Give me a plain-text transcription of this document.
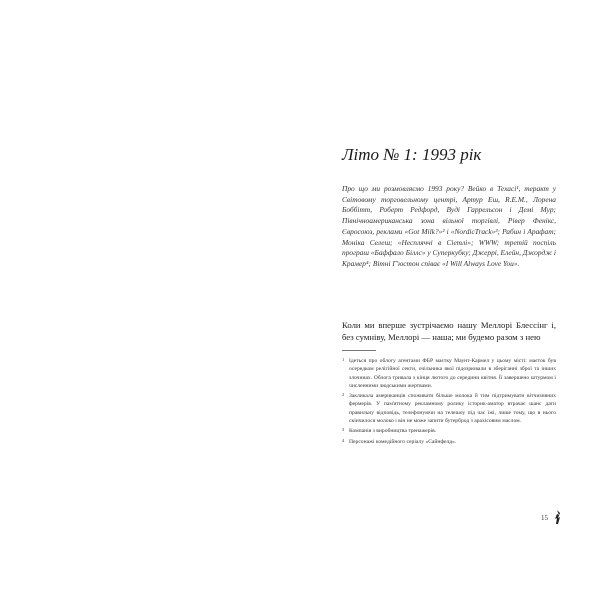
Літо № 1: 1993 рік
Про що ми розмовляємо 1993 року? Вейко в Техасі¹, теракт у Світовому торговельному центрі, Артур Еш, R.E.M., Лорена Боббітт, Роберт Редфорд, Вуді Гаррельсон і Демі Мур; Північноамериканська зона вільної торгівлі, Рівер Фенікс, Євросоюз, реклами «Got Milk?»² і «NordicTrack»³; Рабин і Арафат; Моніка Селеш; «Неспляччі в Сіетлі»; WWW; третій поспіль програш «Баффало Біллс» у Суперкубку; Джеррі, Елейн, Джордж і Крамер⁴; Вітні Г'юстон співає «I Will Always Love You».
Коли ми вперше зустрічаємо нашу Меллорі Блессінг і, без сумніву, Меллорі — наша; ми будемо разом з нею
1 Ідеться про облогу агентами ФБР маєтку Маунт-Кармел у цьому місті: маєток був осередком релігійної секти, очільника якої підозрювали в зберіганні зброї та інших злочинах. Облога тривала з кінця лютого до середини квітня. Її завершено штурмом і численними людськими жертвами.
2 Закликала американців споживати більше молока й тим підтримувати вітчизняних фермерів. У пам'ятному рекламному ролику історик-аматор втрачає шанс дати правильну відповідь, телефонуючи на телешоу під час їжі, лише тому, що в нього скінчилося молоко і він не може запити бутерброд з арахісовим маслом.
3 Компанія з виробництва тренажерів.
4 Персонажі комедійного серіалу «Сайнфелд».
15
